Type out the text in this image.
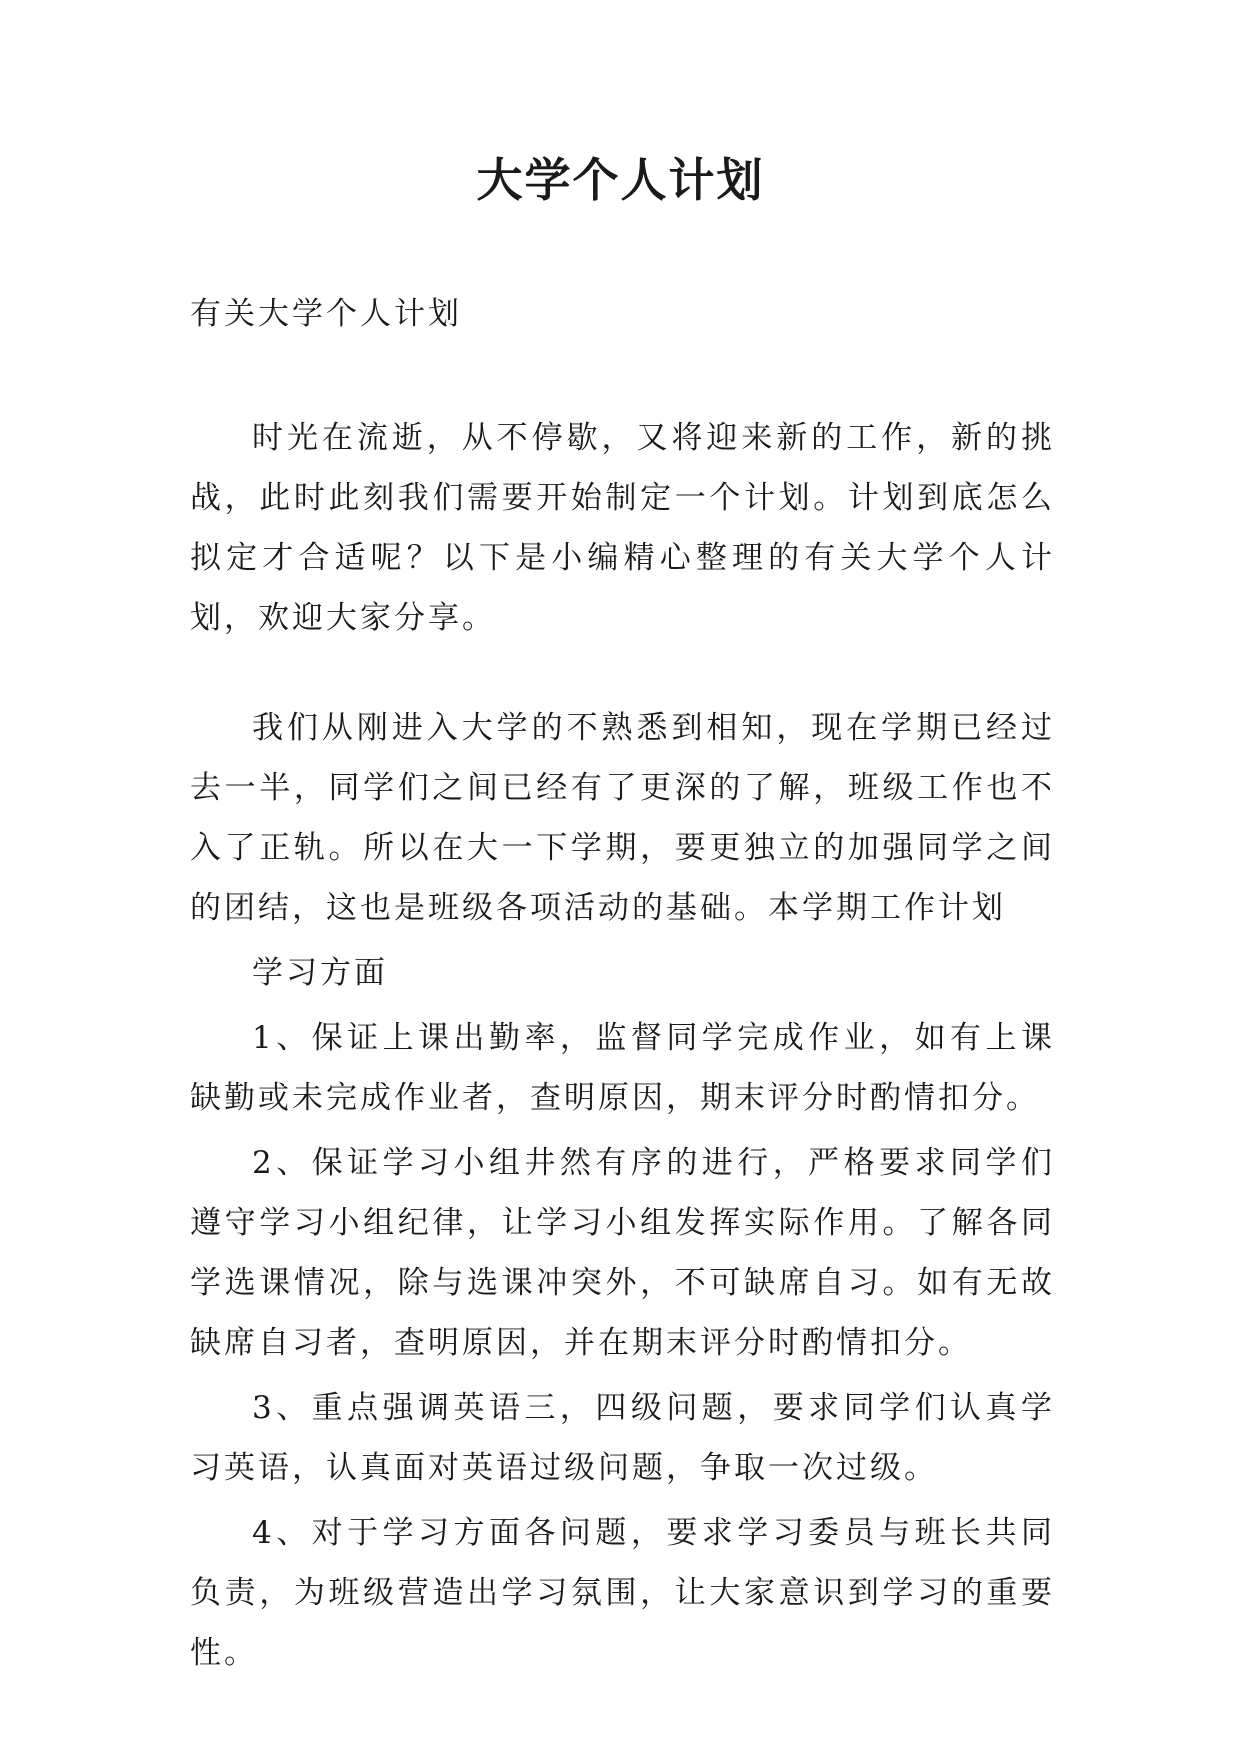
大学个人计划

有关大学个人计划

时光在流逝，从不停歇，又将迎来新的工作，新的挑战，此时此刻我们需要开始制定一个计划。计划到底怎么拟定才合适呢？以下是小编精心整理的有关大学个人计划，欢迎大家分享。

我们从刚进入大学的不熟悉到相知，现在学期已经过去一半，同学们之间已经有了更深的了解，班级工作也不入了正轨。所以在大一下学期，要更独立的加强同学之间的团结，这也是班级各项活动的基础。本学期工作计划

学习方面

1、保证上课出勤率，监督同学完成作业，如有上课缺勤或未完成作业者，查明原因，期末评分时酌情扣分。

2、保证学习小组井然有序的进行，严格要求同学们遵守学习小组纪律，让学习小组发挥实际作用。了解各同学选课情况，除与选课冲突外，不可缺席自习。如有无故缺席自习者，查明原因，并在期末评分时酌情扣分。

3、重点强调英语三，四级问题，要求同学们认真学习英语，认真面对英语过级问题，争取一次过级。

4、对于学习方面各问题，要求学习委员与班长共同负责，为班级营造出学习氛围，让大家意识到学习的重要性。
